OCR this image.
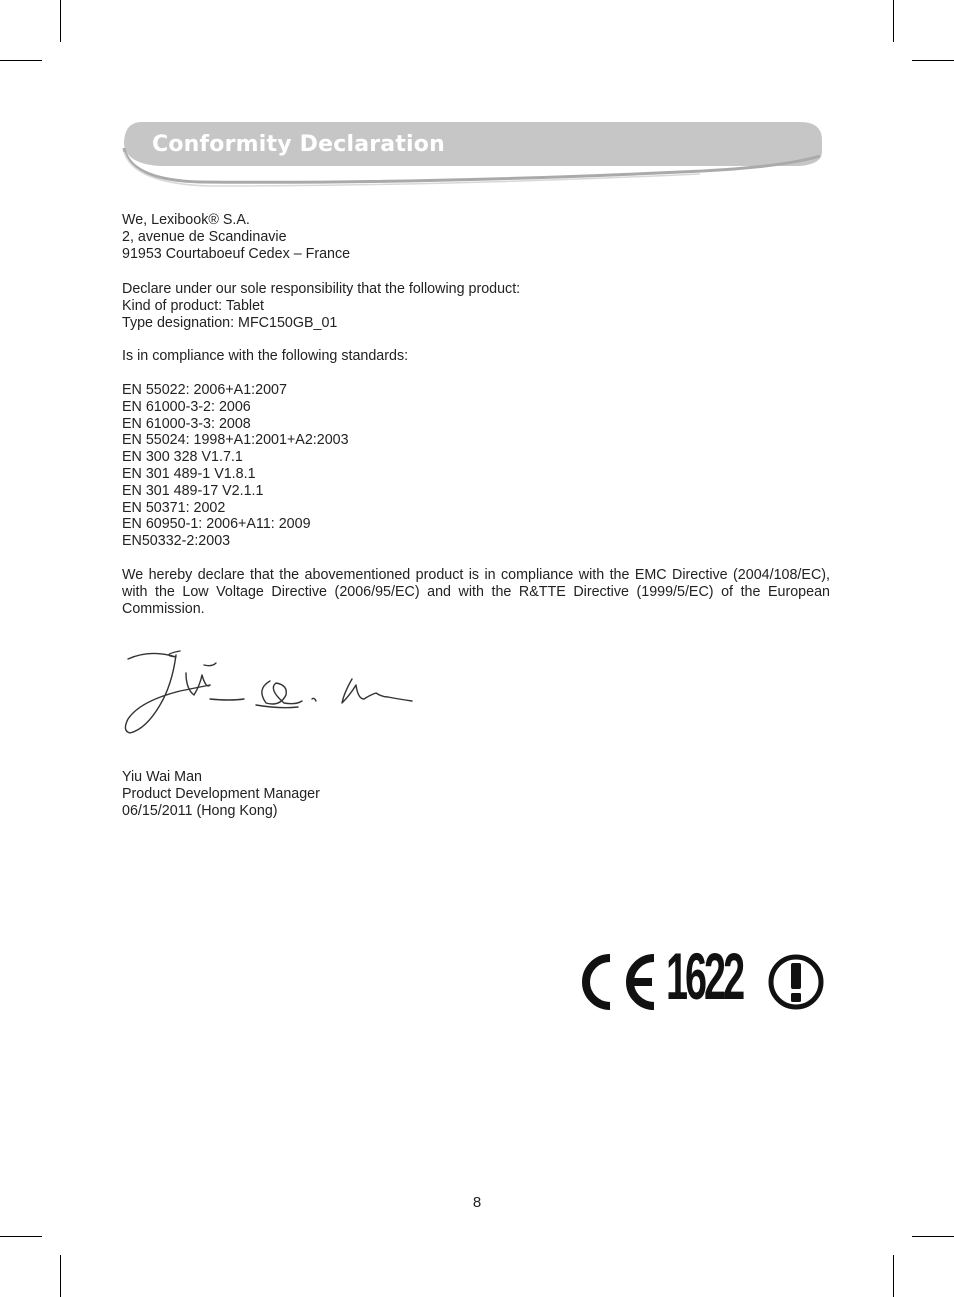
Conformity Declaration
We, Lexibook® S.A.
2, avenue de Scandinavie
91953 Courtaboeuf Cedex – France
Declare under our sole responsibility that the following product:
Kind of product: Tablet
Type designation: MFC150GB_01
Is in compliance with the following standards:
EN 55022: 2006+A1:2007
EN 61000-3-2: 2006
EN 61000-3-3: 2008
EN 55024: 1998+A1:2001+A2:2003
EN 300 328 V1.7.1
EN 301 489-1 V1.8.1
EN 301 489-17 V2.1.1
EN 50371: 2002
EN 60950-1: 2006+A11: 2009
EN50332-2:2003
We hereby declare that the abovementioned product is in compliance with the EMC Directive (2004/108/EC), with the Low Voltage Directive (2006/95/EC) and with the R&TTE Directive (1999/5/EC) of the European Commission.
Yiu Wai Man
Product Development Manager
06/15/2011 (Hong Kong)
1622
8
